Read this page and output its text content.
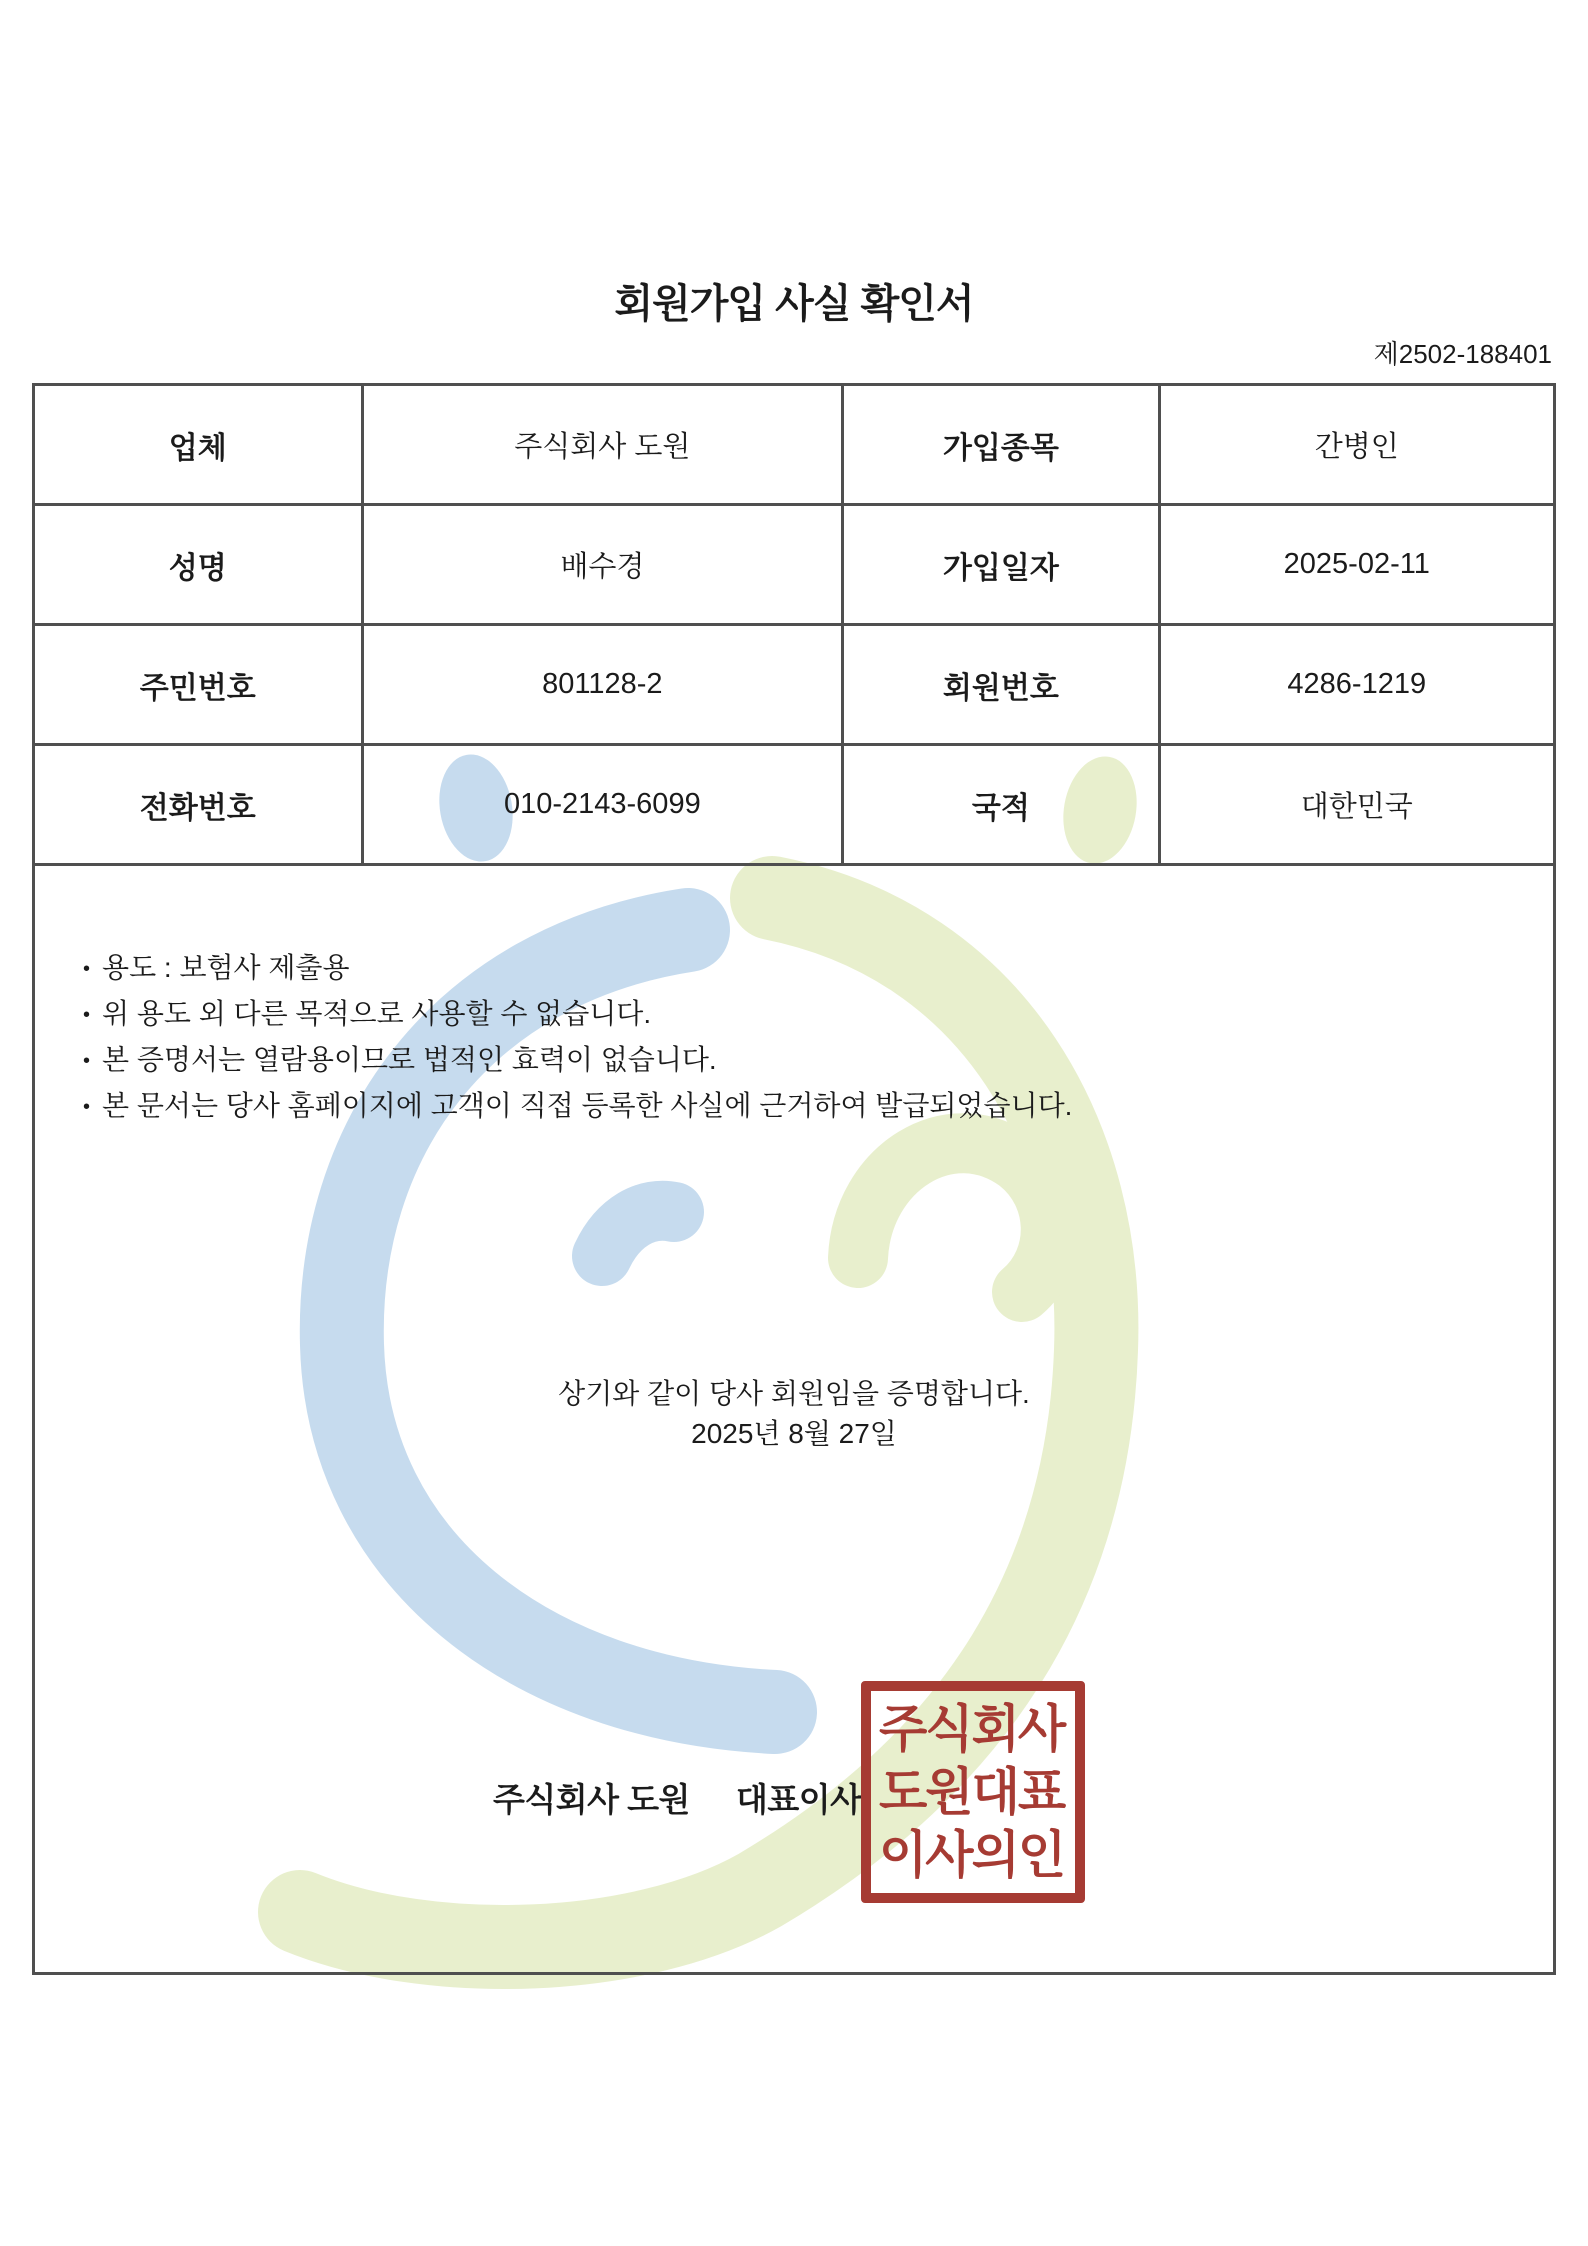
회원가입 사실 확인서
제2502-188401
업체	주식회사 도원	가입종목	간병인
성명	배수경	가입일자	2025-02-11
주민번호	801128-2	회원번호	4286-1219
전화번호	010-2143-6099	국적	대한민국
• 용도 : 보험사 제출용
• 위 용도 외 다른 목적으로 사용할 수 없습니다.
• 본 증명서는 열람용이므로 법적인 효력이 없습니다.
• 본 문서는 당사 홈페이지에 고객이 직접 등록한 사실에 근거하여 발급되었습니다.
상기와 같이 당사 회원임을 증명합니다.
2025년 8월 27일
주식회사 도원 대표이사
주식회사
도원대표
이사의인
